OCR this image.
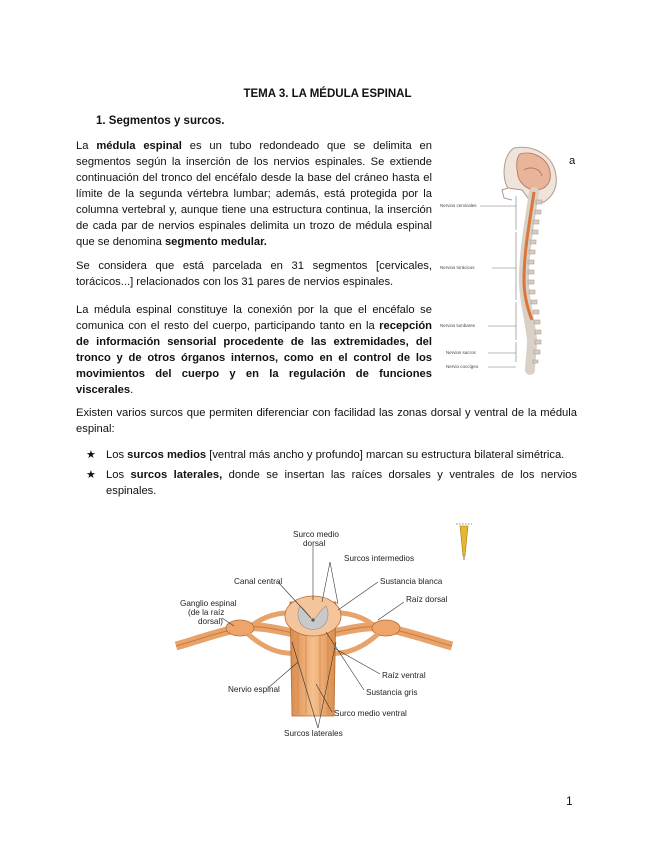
TEMA 3. LA MÉDULA ESPINAL
1. Segmentos y surcos.

La médula espinal es un tubo redondeado que se delimita en segmentos según la inserción de los nervios espinales. Se extiende continuación del tronco del encéfalo desde la base del cráneo hasta el límite de la segunda vértebra lumbar; además, está protegida por la columna vertebral y, aunque tiene una estructura continua, la inserción de cada par de nervios espinales delimita un trozo de médula espinal que se denomina segmento medular.

a

Se considera que está parcelada en 31 segmentos [cervicales, torácicos...] relacionados con los 31 pares de nervios espinales.

La médula espinal constituye la conexión por la que el encéfalo se comunica con el resto del cuerpo, participando tanto en la recepción de información sensorial procedente de las extremidades, del tronco y de otros órganos internos, como en el control de los movimientos del cuerpo y en la regulación de funciones viscerales.

Existen varios surcos que permiten diferenciar con facilidad las zonas dorsal y ventral de la médula espinal:

★ Los surcos medios [ventral más ancho y profundo] marcan su estructura bilateral simétrica.
★ Los surcos laterales, donde se insertan las raíces dorsales y ventrales de los nervios espinales.
Nervios cervicales
Nervios torácicos
Nervios lumbares
Nervios sacros
Nervio coccígeo
Surco medio
dorsal
Surcos intermedios
Canal central	Sustancia blanca
Raíz dorsal
Ganglio espinal
(de la raíz
dorsal)
Raíz ventral
Sustancia gris
Nervio espinal
Surco medio ventral
Surcos laterales
1
